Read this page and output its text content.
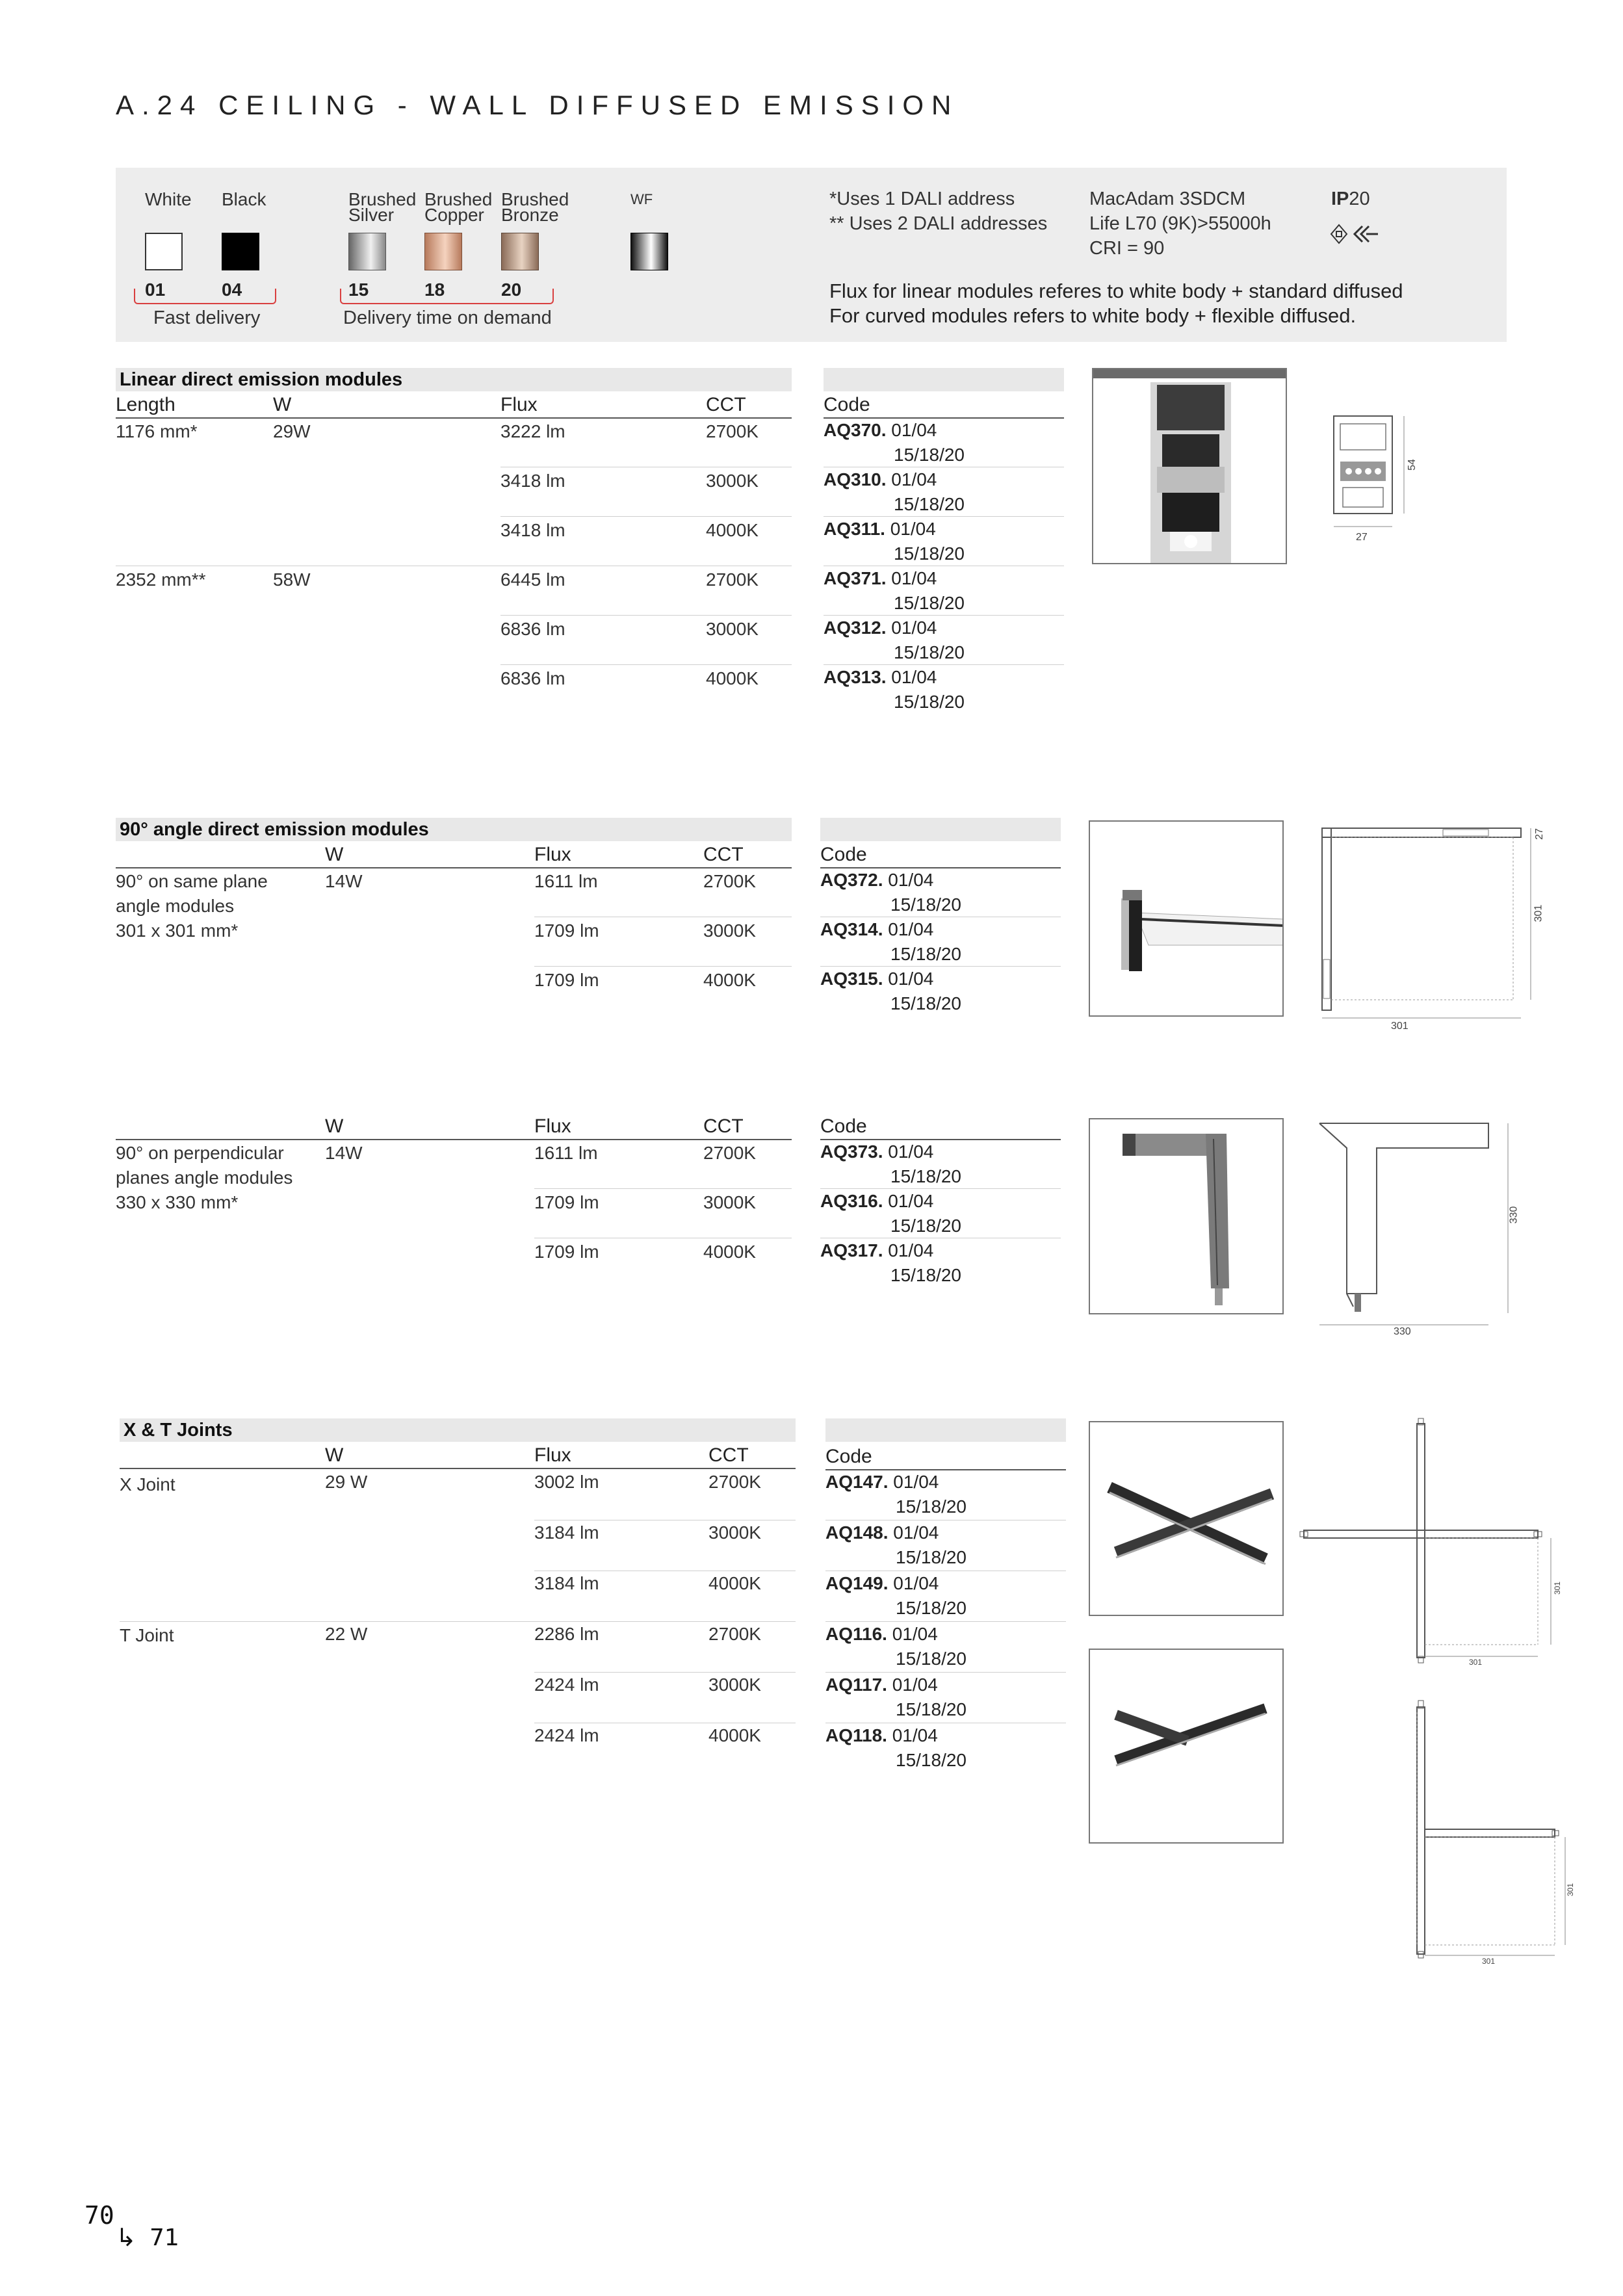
A.24 CEILING - WALL DIFFUSED EMISSION
White Black	Brushed
Silver
Brushed
Copper
Brushed
Bronze
WF
01	04	15	18	20
Fast delivery	Delivery time on demand
*Uses 1 DALI address
** Uses 2 DALI addresses
MacAdam 3SDCM
Life L70 (9K)>55000h
CRI = 90
IP20
Flux for linear modules referes to white body + standard diffused
For curved modules refers to white body + flexible diffused.
Linear direct emission modules
Length	W	Flux	CCT	Code
1176 mm*	29W	3222 lm	2700K	AQ370. 01/04
15/18/20
3418 lm	3000K	AQ310. 01/04
15/18/20
3418 lm	4000K	AQ311. 01/04
15/18/20
2352 mm**	58W	6445 lm	2700K	AQ371. 01/04
15/18/20
6836 lm	3000K	AQ312. 01/04
15/18/20
6836 lm	4000K	AQ313. 01/04
15/18/20
54
27
90° angle direct emission modules
W	Flux	CCT	Code
90° on same plane
angle modules
301 x 301 mm*
14W	1611 lm	2700K	AQ372. 01/04
15/18/20
1709 lm	3000K	AQ314. 01/04
15/18/20
1709 lm	4000K	AQ315. 01/04
15/18/20
27
301
301
W	Flux	CCT	Code
90° on perpendicular
planes angle modules
330 x 330 mm*
14W	1611 lm	2700K	AQ373. 01/04
15/18/20
1709 lm	3000K	AQ316. 01/04
15/18/20
1709 lm	4000K	AQ317. 01/04
15/18/20
330
330
X & T Joints
W	Flux	CCT	Code
X Joint	29 W	3002 lm	2700K	AQ147. 01/04
15/18/20
3184 lm	3000K	AQ148. 01/04
15/18/20
3184 lm	4000K	AQ149. 01/04
15/18/20
T Joint	22 W	2286 lm	2700K	AQ116. 01/04
15/18/20
2424 lm	3000K	AQ117. 01/04
15/18/20
2424 lm	4000K	AQ118. 01/04
15/18/20
301
301
301
301
70
↳ 71
